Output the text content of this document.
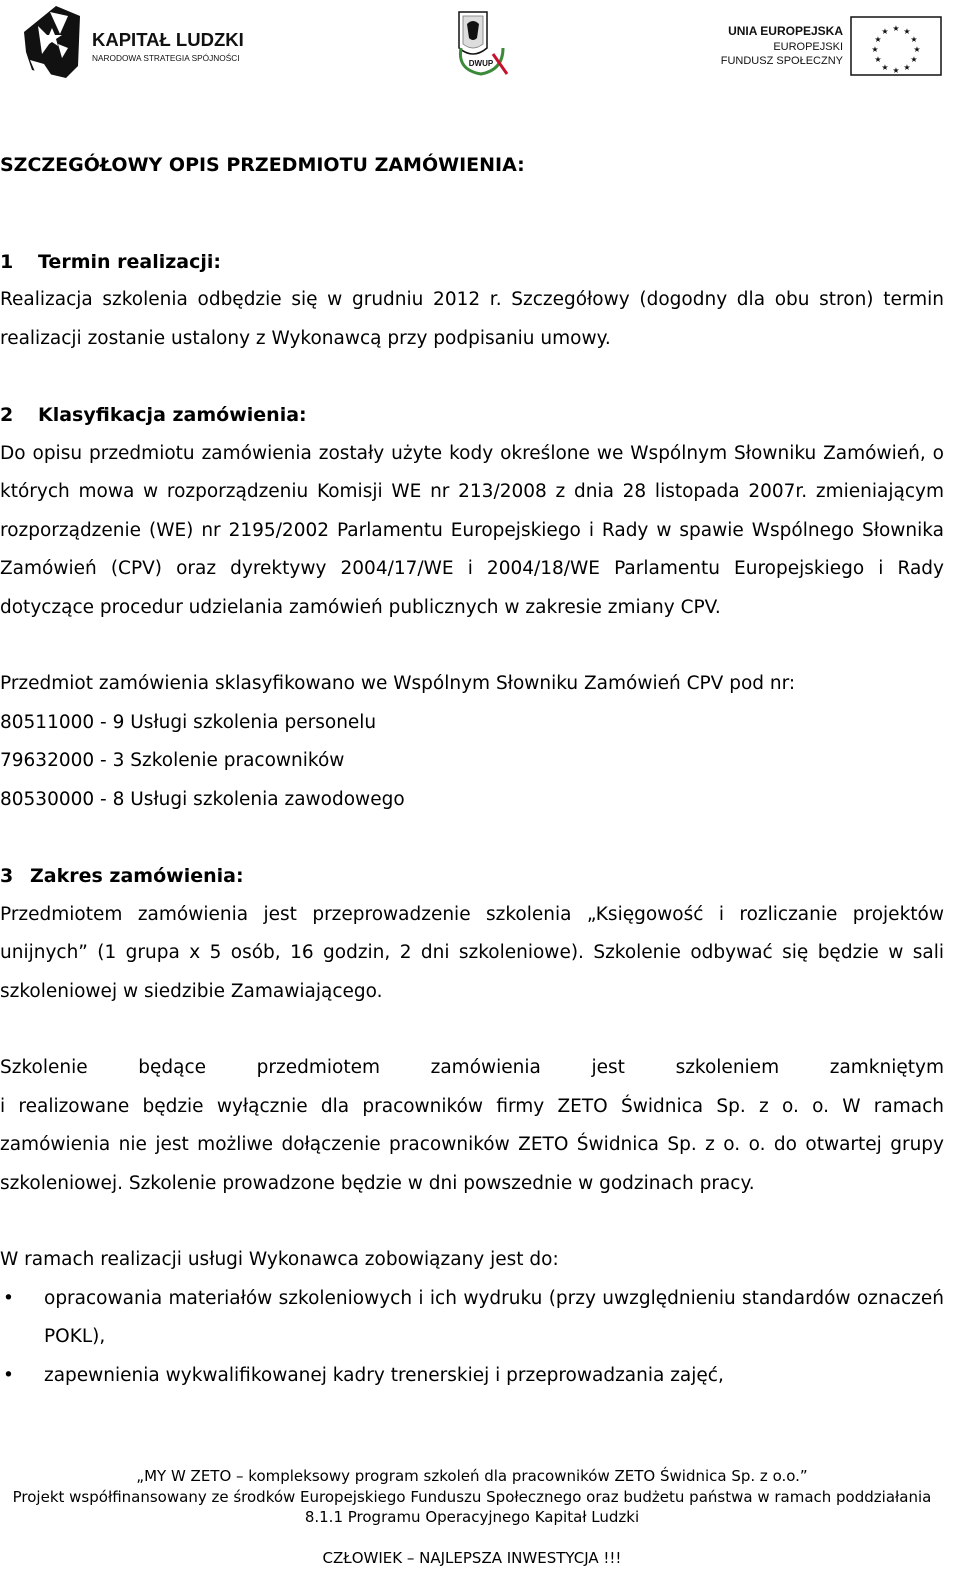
KAPITAŁ LUDZKI
NARODOWA STRATEGIA SPÓJNOŚCI
DWUP
UNIA EUROPEJSKA
EUROPEJSKI
FUNDUSZ SPOŁECZNY
★ ★
★
★
★
★
★
★
★
★
★
★
SZCZEGÓŁOWY OPIS PRZEDMIOTU ZAMÓWIENIA:
1 Termin realizacji:

Realizacja szkolenia odbędzie się w grudniu 2012 r. Szczegółowy (dogodny dla obu stron) termin realizacji zostanie ustalony z Wykonawcą przy podpisaniu umowy.

2 Klasyfikacja zamówienia:

Do opisu przedmiotu zamówienia zostały użyte kody określone we Wspólnym Słowniku Zamówień, o których mowa w rozporządzeniu Komisji WE nr 213/2008 z dnia 28 listopada 2007r. zmieniającym rozporządzenie (WE) nr 2195/2002 Parlamentu Europejskiego i Rady w spawie Wspólnego Słownika Zamówień (CPV) oraz dyrektywy 2004/17/WE i 2004/18/WE Parlamentu Europejskiego i Rady dotyczące procedur udzielania zamówień publicznych w zakresie zmiany CPV.

Przedmiot zamówienia sklasyfikowano we Wspólnym Słowniku Zamówień CPV pod nr:

80511000 - 9 Usługi szkolenia personelu

79632000 - 3 Szkolenie pracowników

80530000 - 8 Usługi szkolenia zawodowego

3 Zakres zamówienia:

Przedmiotem zamówienia jest przeprowadzenie szkolenia „Księgowość i rozliczanie projektów unijnych” (1 grupa x 5 osób, 16 godzin, 2 dni szkoleniowe). Szkolenie odbywać się będzie w sali szkoleniowej w siedzibie Zamawiającego.

Szkolenie będące przedmiotem zamówienia jest szkoleniem zamkniętym

i realizowane będzie wyłącznie dla pracowników firmy ZETO Świdnica Sp. z o. o. W ramach zamówienia nie jest możliwe dołączenie pracowników ZETO Świdnica Sp. z o. o. do otwartej grupy szkoleniowej. Szkolenie prowadzone będzie w dni powszednie w godzinach pracy.

W ramach realizacji usługi Wykonawca zobowiązany jest do:

• opracowania materiałów szkoleniowych i ich wydruku (przy uwzględnieniu standardów oznaczeń POKL),
• zapewnienia wykwalifikowanej kadry trenerskiej i przeprowadzania zajęć,
„MY W ZETO – kompleksowy program szkoleń dla pracowników ZETO Świdnica Sp. z o.o.”
Projekt współfinansowany ze środków Europejskiego Funduszu Społecznego oraz budżetu państwa w ramach poddziałania
8.1.1 Programu Operacyjnego Kapitał Ludzki
CZŁOWIEK – NAJLEPSZA INWESTYCJA !!!
